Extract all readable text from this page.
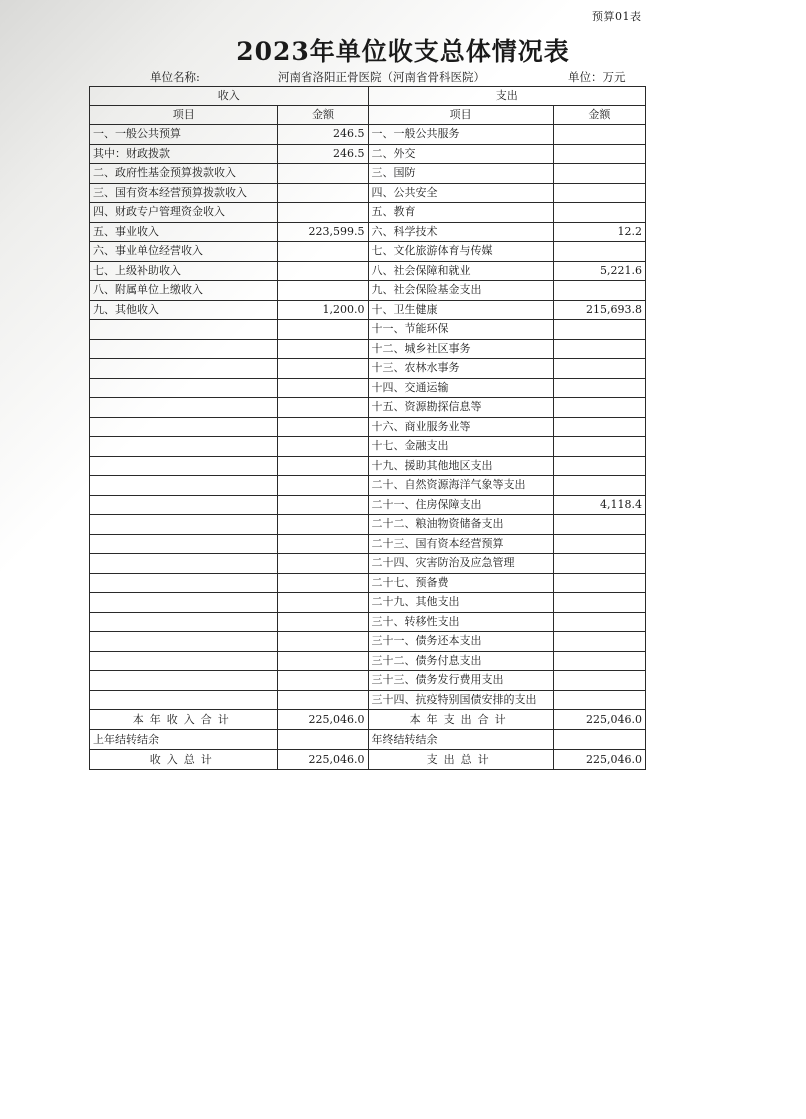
预算01表
2023年单位收支总体情况表
单位名称:	河南省洛阳正骨医院（河南省骨科医院）	单位：万元
收入		支出	
项目	金额	项目	金额
一、一般公共预算	246.5	一、一般公共服务	
其中：财政拨款	246.5	二、外交	
二、政府性基金预算拨款收入		三、国防	
三、国有资本经营预算拨款收入		四、公共安全	
四、财政专户管理资金收入		五、教育	
五、事业收入	223,599.5	六、科学技术	12.2
六、事业单位经营收入		七、文化旅游体育与传媒	
七、上级补助收入		八、社会保障和就业	5,221.6
八、附属单位上缴收入		九、社会保险基金支出	
九、其他收入	1,200.0	十、卫生健康	215,693.8
		十一、节能环保	
		十二、城乡社区事务	
		十三、农林水事务	
		十四、交通运输	
		十五、资源勘探信息等	
		十六、商业服务业等	
		十七、金融支出	
		十九、援助其他地区支出	
		二十、自然资源海洋气象等支出	
		二十一、住房保障支出	4,118.4
		二十二、粮油物资储备支出	
		二十三、国有资本经营预算	
		二十四、灾害防治及应急管理	
		二十七、预备费	
		二十九、其他支出	
		三十、转移性支出	
		三十一、债务还本支出	
		三十二、债务付息支出	
		三十三、债务发行费用支出	
		三十四、抗疫特别国债安排的支出	
本年收入合计	225,046.0	本年支出合计	225,046.0
上年结转结余		年终结转结余	
收入总计	225,046.0	支出总计	225,046.0
